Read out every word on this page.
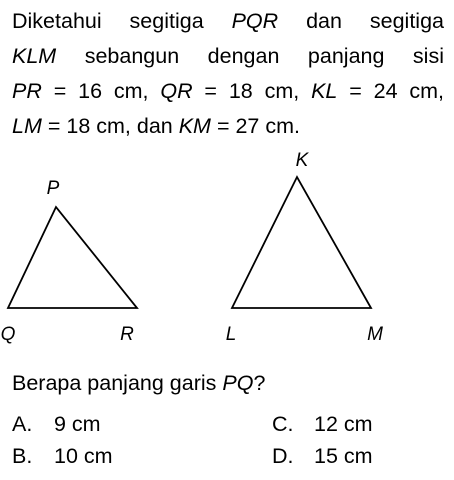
Diketahui segitiga PQR dan segitiga

KLM sebangun dengan panjang sisi

PR = 16 cm, QR = 18 cm, KL = 24 cm,

LM = 18 cm, dan KM = 27 cm.

P
Q	R
K
L	M
Berapa panjang garis PQ?
A. 9 cm
B. 10 cm
C. 12 cm
D. 15 cm
